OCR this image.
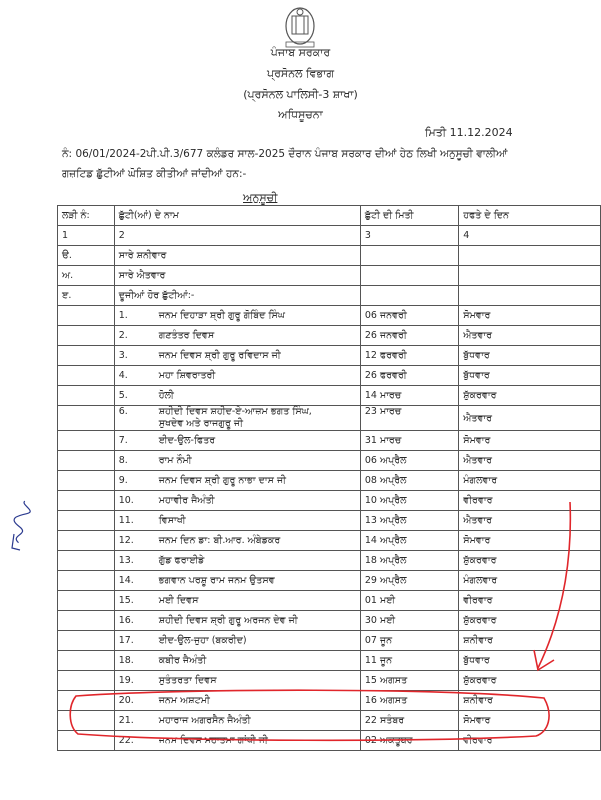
ਪੰਜਾਬ ਸਰਕਾਰ
ਪ੍ਰਸੋਨਲ ਵਿਭਾਗ
(ਪ੍ਰਸੋਨਲ ਪਾਲਿਸੀ-3 ਸ਼ਾਖਾ)
ਅਧਿਸੂਚਨਾ
ਮਿਤੀ 11.12.2024
ਨੰ: 06/01/2024-2ਪੀ.ਪੀ.3/677 ਕਲੰਡਰ ਸਾਲ-2025 ਦੌਰਾਨ ਪੰਜਾਬ ਸਰਕਾਰ ਦੀਆਂ ਹੇਠ ਲਿਖੀ ਅਨੁਸੂਚੀ ਵਾਲੀਆਂ
ਗਜ਼ਟਿਡ ਛੁੱਟੀਆਂ ਘੋਸ਼ਿਤ ਕੀਤੀਆਂ ਜਾਂਦੀਆਂ ਹਨ:-
ਅਨੁਸੂਚੀ
ਲੜੀ ਨੰ:	ਛੁੱਟੀ(ਆਂ) ਦੇ ਨਾਮ	ਛੁੱਟੀ ਦੀ ਮਿਤੀ	ਹਫਤੇ ਦੇ ਦਿਨ
1	2	3	4
ੳ.	ਸਾਰੇ ਸ਼ਨੀਵਾਰ		
ਅ.	ਸਾਰੇ ਐਤਵਾਰ		
ੲ.	ਦੂਜੀਆਂ ਹੋਰ ਛੁੱਟੀਆਂ:-		
	1. ਜਨਮ ਦਿਹਾੜਾ ਸ਼੍ਰੀ ਗੁਰੂ ਗੋਬਿੰਦ ਸਿੰਘ	06 ਜਨਵਰੀ	ਸੋਮਵਾਰ
	2. ਗਣਤੰਤਰ ਦਿਵਸ	26 ਜਨਵਰੀ	ਐਤਵਾਰ
	3. ਜਨਮ ਦਿਵਸ ਸ਼੍ਰੀ ਗੁਰੂ ਰਵਿਦਾਸ ਜੀ	12 ਫਰਵਰੀ	ਬੁੱਧਵਾਰ
	4. ਮਹਾ ਸ਼ਿਵਰਾਤਰੀ	26 ਫਰਵਰੀ	ਬੁੱਧਵਾਰ
	5. ਹੋਲੀ	14 ਮਾਰਚ	ਸ਼ੁੱਕਰਵਾਰ
	6. ਸ਼ਹੀਦੀ ਦਿਵਸ ਸ਼ਹੀਦ-ਏ-ਆਜ਼ਮ ਭਗਤ ਸਿੰਘ, ਸੁਖਦੇਵ ਅਤੇ ਰਾਜਗੁਰੂ ਜੀ	23 ਮਾਰਚ	ਐਤਵਾਰ
	7. ਈਦ-ਉਲ-ਫਿਤਰ	31 ਮਾਰਚ	ਸੋਮਵਾਰ
	8. ਰਾਮ ਨੌਮੀ	06 ਅਪ੍ਰੈਲ	ਐਤਵਾਰ
	9. ਜਨਮ ਦਿਵਸ ਸ਼੍ਰੀ ਗੁਰੂ ਨਾਭਾ ਦਾਸ ਜੀ	08 ਅਪ੍ਰੈਲ	ਮੰਗਲਵਾਰ
	10. ਮਹਾਵੀਰ ਜੈਅੰਤੀ	10 ਅਪ੍ਰੈਲ	ਵੀਰਵਾਰ
	11. ਵਿਸਾਖੀ	13 ਅਪ੍ਰੈਲ	ਐਤਵਾਰ
	12. ਜਨਮ ਦਿਨ ਡਾ: ਬੀ.ਆਰ. ਅੰਬੇਡਕਰ	14 ਅਪ੍ਰੈਲ	ਸੋਮਵਾਰ
	13. ਗੁੱਡ ਫਰਾਈਡੇ	18 ਅਪ੍ਰੈਲ	ਸ਼ੁੱਕਰਵਾਰ
	14. ਭਗਵਾਨ ਪਰਸ਼ੂ ਰਾਮ ਜਨਮ ਉਤਸਵ	29 ਅਪ੍ਰੈਲ	ਮੰਗਲਵਾਰ
	15. ਮਈ ਦਿਵਸ	01 ਮਈ	ਵੀਰਵਾਰ
	16. ਸ਼ਹੀਦੀ ਦਿਵਸ ਸ਼੍ਰੀ ਗੁਰੂ ਅਰਜਨ ਦੇਵ ਜੀ	30 ਮਈ	ਸ਼ੁੱਕਰਵਾਰ
	17. ਈਦ-ਉਲ-ਜੁਹਾ (ਬਕਰੀਦ)	07 ਜੂਨ	ਸ਼ਨੀਵਾਰ
	18. ਕਬੀਰ ਜੈਅੰਤੀ	11 ਜੂਨ	ਬੁੱਧਵਾਰ
	19. ਸੁਤੰਤਰਤਾ ਦਿਵਸ	15 ਅਗਸਤ	ਸ਼ੁੱਕਰਵਾਰ
	20. ਜਨਮ ਅਸ਼ਟਮੀ	16 ਅਗਸਤ	ਸ਼ਨੀਵਾਰ
	21. ਮਹਾਰਾਜ ਅਗਰਸੈਨ ਜੈਅੰਤੀ	22 ਸਤੰਬਰ	ਸੋਮਵਾਰ
	22. ਜਨਮ ਦਿਵਸ ਮਹਾਤਮਾ ਗਾਂਧੀ ਜੀ	02 ਅਕਤੂਬਰ	ਵੀਰਵਾਰ
